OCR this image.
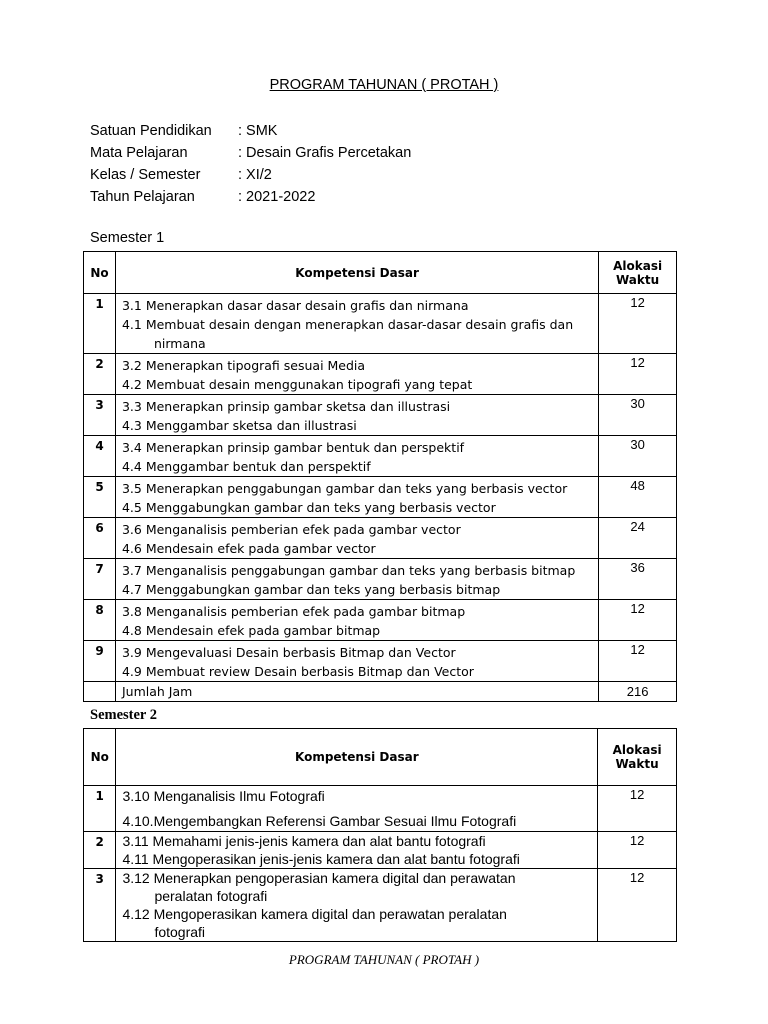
PROGRAM TAHUNAN ( PROTAH )
Satuan Pendidikan : SMK
Mata Pelajaran	: Desain Grafis Percetakan
Kelas / Semester	: XI/2
Tahun Pelajaran	: 2021-2022
Semester 1
No	Kompetensi Dasar	Alokasi
Waktu

1	3.1 Menerapkan dasar dasar desain grafis dan nirmana
4.1 Membuat desain dengan menerapkan dasar-dasar desain grafis dan
nirmana	12
2	3.2 Menerapkan tipografi sesuai Media
4.2 Membuat desain menggunakan tipografi yang tepat	12
3	3.3 Menerapkan prinsip gambar sketsa dan illustrasi
4.3 Menggambar sketsa dan illustrasi	30
4	3.4 Menerapkan prinsip gambar bentuk dan perspektif
4.4 Menggambar bentuk dan perspektif	30
5	3.5 Menerapkan penggabungan gambar dan teks yang berbasis vector
4.5 Menggabungkan gambar dan teks yang berbasis vector	48
6	3.6 Menganalisis pemberian efek pada gambar vector
4.6 Mendesain efek pada gambar vector	24
7	3.7 Menganalisis penggabungan gambar dan teks yang berbasis bitmap
4.7 Menggabungkan gambar dan teks yang berbasis bitmap	36
8	3.8 Menganalisis pemberian efek pada gambar bitmap
4.8 Mendesain efek pada gambar bitmap	12
9	3.9 Mengevaluasi Desain berbasis Bitmap dan Vector
4.9 Membuat review Desain berbasis Bitmap dan Vector	12

	Jumlah Jam	216
Semester 2
No	Kompetensi Dasar	Alokasi
Waktu

1	3.10 Menganalisis Ilmu Fotografi
4.10.Mengembangkan Referensi Gambar Sesuai Ilmu Fotografi	12
2	3.11 Memahami jenis-jenis kamera dan alat bantu fotografi
4.11 Mengoperasikan jenis-jenis kamera dan alat bantu fotografi	12
3	3.12 Menerapkan pengoperasian kamera digital dan perawatan
peralatan fotografi
4.12 Mengoperasikan kamera digital dan perawatan peralatan
fotografi	12
PROGRAM TAHUNAN ( PROTAH )
